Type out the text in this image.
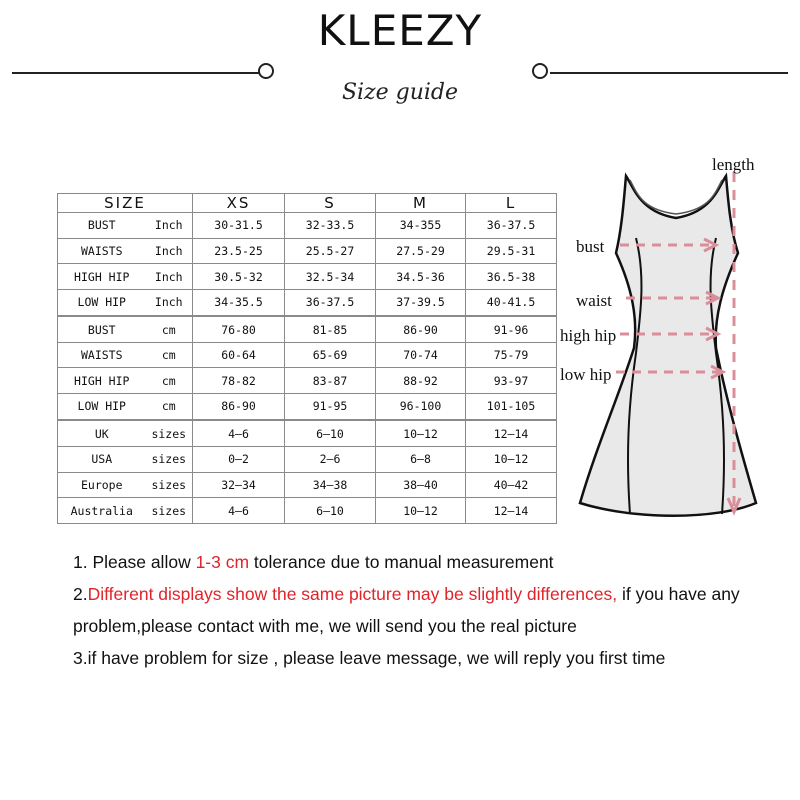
KLEEZY
Size guide
SIZE		XS	S	M	L
BUST	Inch	30-31.5	32-33.5	34-355	36-37.5
WAISTS	Inch	23.5-25	25.5-27	27.5-29	29.5-31
HIGH HIP	Inch	30.5-32	32.5-34	34.5-36	36.5-38
LOW HIP	Inch	34-35.5	36-37.5	37-39.5	40-41.5

BUST	cm	76-80	81-85	86-90	91-96
WAISTS	cm	60-64	65-69	70-74	75-79
HIGH HIP	cm	78-82	83-87	88-92	93-97
LOW HIP	cm	86-90	91-95	96-100	101-105

UK	sizes	4—6	6—10	10—12	12—14
USA	sizes	0—2	2—6	6—8	10—12
Europe	sizes	32—34	34—38	38—40	40—42
Australia	sizes	4—6	6—10	10—12	12—14
length
bust
waist
high hip
low hip
1. Please allow 1-3 cm tolerance due to manual measurement
2.Different displays show the same picture may be slightly differences, if you have any
problem,please contact with me, we will send you the real picture
3.if have problem for size , please leave message, we will reply you first time
